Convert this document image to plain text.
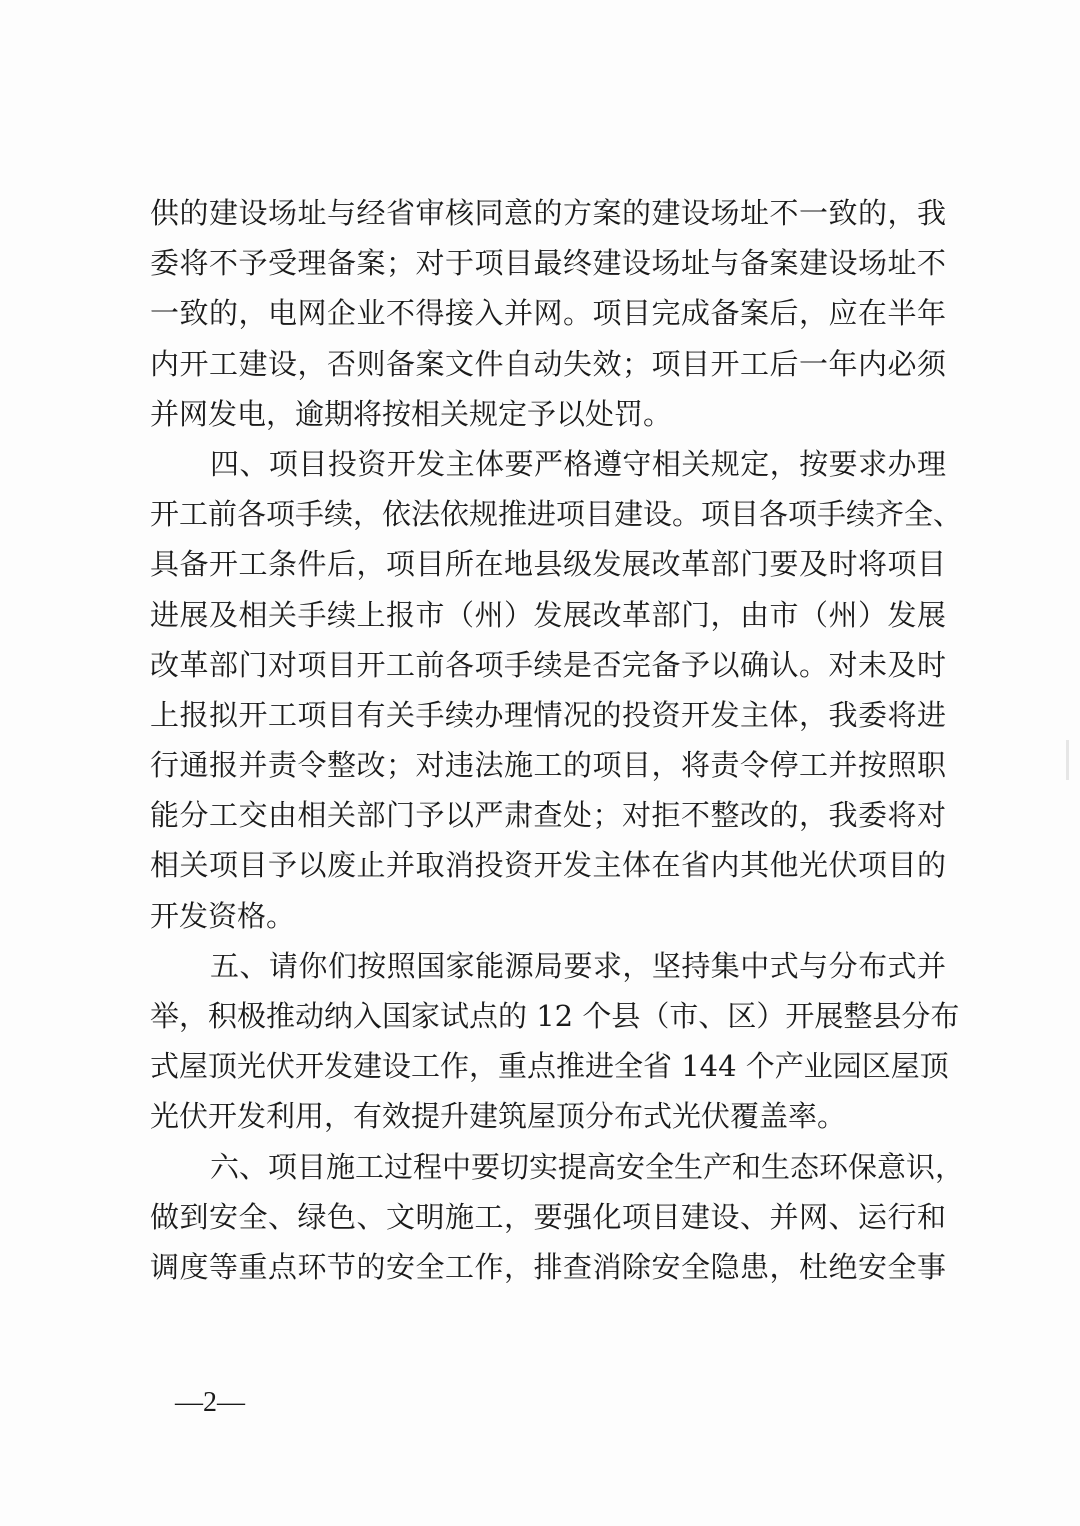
供的建设场址与经省审核同意的方案的建设场址不一致的，我
委将不予受理备案；对于项目最终建设场址与备案建设场址不
一致的，电网企业不得接入并网。项目完成备案后，应在半年
内开工建设，否则备案文件自动失效；项目开工后一年内必须
并网发电，逾期将按相关规定予以处罚。
四、项目投资开发主体要严格遵守相关规定，按要求办理
开工前各项手续，依法依规推进项目建设。项目各项手续齐全、
具备开工条件后，项目所在地县级发展改革部门要及时将项目
进展及相关手续上报市（州）发展改革部门，由市（州）发展
改革部门对项目开工前各项手续是否完备予以确认。对未及时
上报拟开工项目有关手续办理情况的投资开发主体，我委将进
行通报并责令整改；对违法施工的项目，将责令停工并按照职
能分工交由相关部门予以严肃查处；对拒不整改的，我委将对
相关项目予以废止并取消投资开发主体在省内其他光伏项目的
开发资格。
五、请你们按照国家能源局要求，坚持集中式与分布式并
举，积极推动纳入国家试点的 12 个县（市、区）开展整县分布
式屋顶光伏开发建设工作，重点推进全省 144 个产业园区屋顶
光伏开发利用，有效提升建筑屋顶分布式光伏覆盖率。
六、项目施工过程中要切实提高安全生产和生态环保意识，
做到安全、绿色、文明施工，要强化项目建设、并网、运行和
调度等重点环节的安全工作，排查消除安全隐患，杜绝安全事
—2—
